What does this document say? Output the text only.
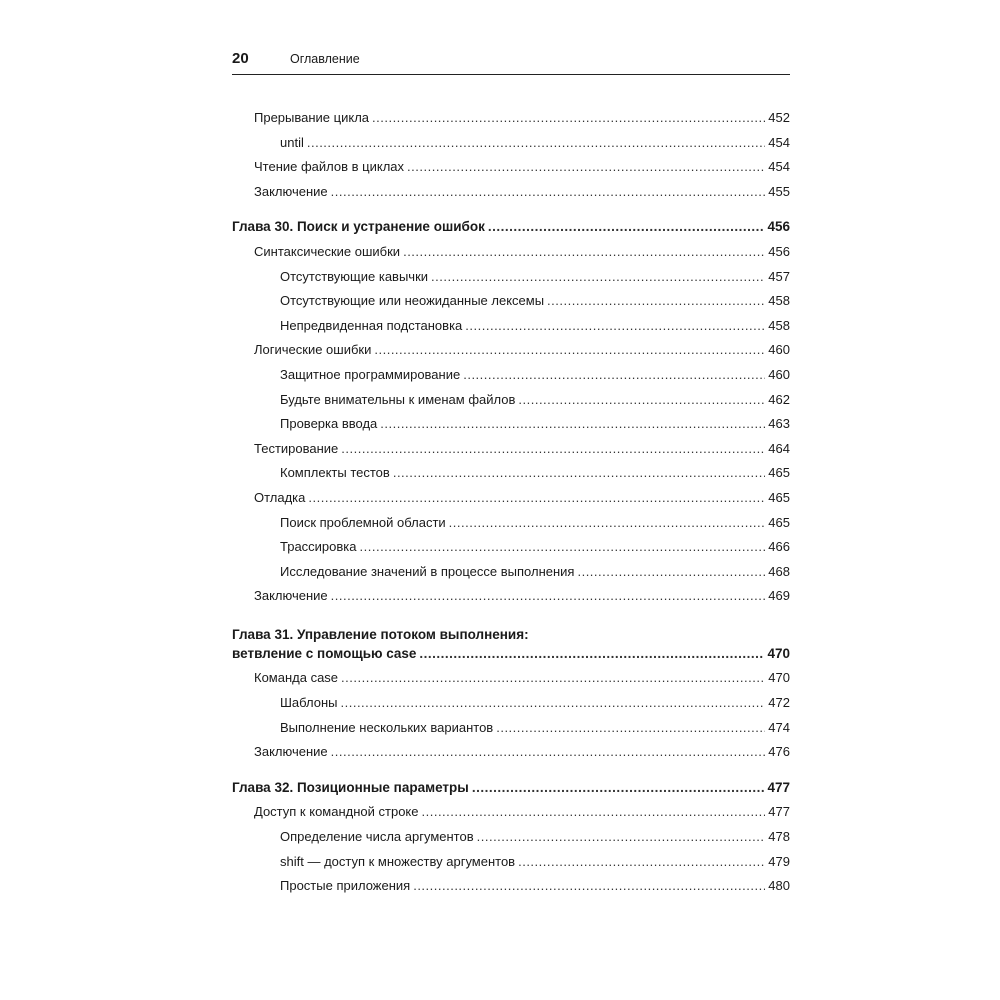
20	Оглавление
Прерывание цикла .....	452
until .....	454
Чтение файлов в циклах .....	454
Заключение .....	455
Глава 30. Поиск и устранение ошибок .....	456
Синтаксические ошибки .....	456
Отсутствующие кавычки .....	457
Отсутствующие или неожиданные лексемы .....	458
Непредвиденная подстановка .....	458
Логические ошибки .....	460
Защитное программирование .....	460
Будьте внимательны к именам файлов .....	462
Проверка ввода .....	463
Тестирование .....	464
Комплекты тестов .....	465
Отладка .....	465
Поиск проблемной области .....	465
Трассировка .....	466
Исследование значений в процессе выполнения .....	468
Заключение .....	469
Глава 31. Управление потоком выполнения:
ветвление с помощью case .....	470
Команда case .....	470
Шаблоны .....	472
Выполнение нескольких вариантов .....	474
Заключение .....	476
Глава 32. Позиционные параметры .....	477
Доступ к командной строке .....	477
Определение числа аргументов .....	478
shift — доступ к множеству аргументов .....	479
Простые приложения .....	480
